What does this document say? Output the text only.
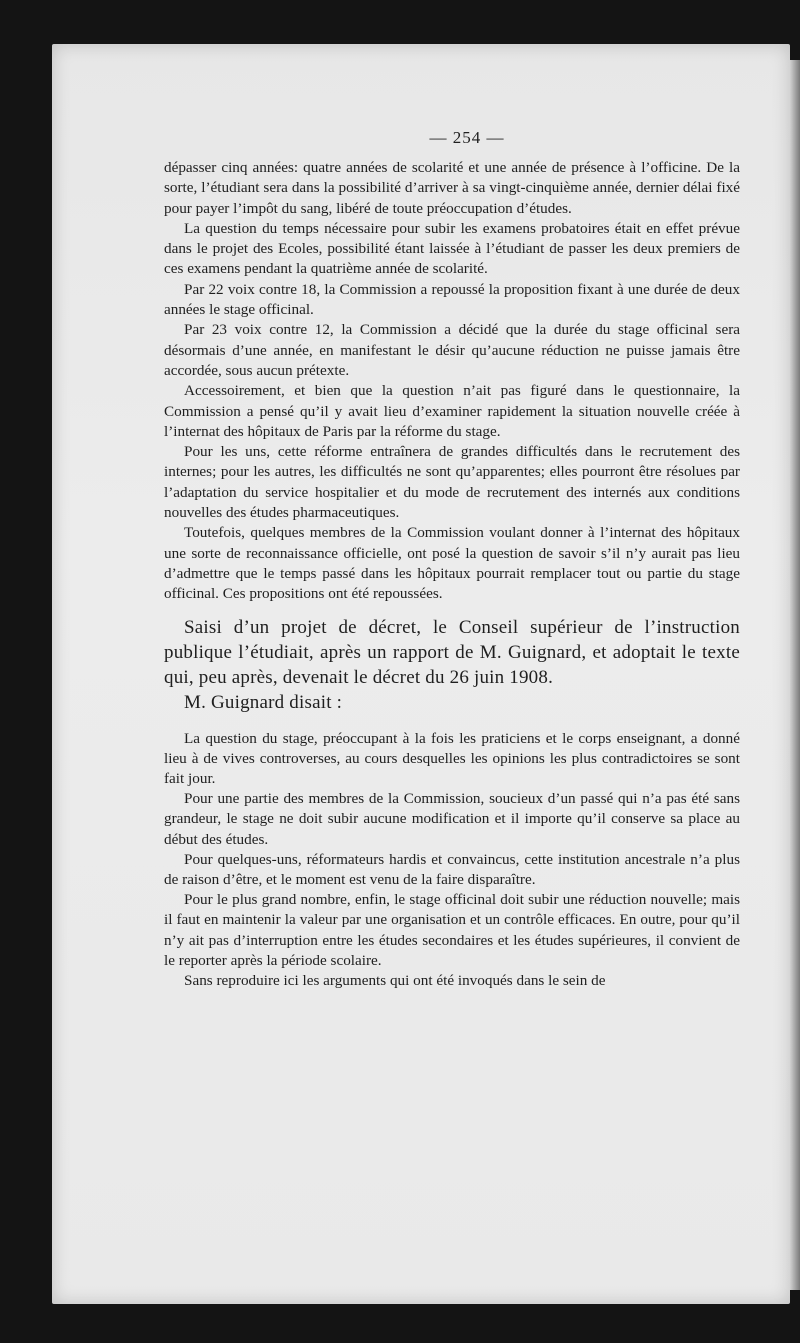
— 254 —

dépasser cinq années: quatre années de scolarité et une année de présence à l’officine. De la sorte, l’étudiant sera dans la possibilité d’arriver à sa vingt-cinquième année, dernier délai fixé pour payer l’impôt du sang, libéré de toute préoccupation d’études.

La question du temps nécessaire pour subir les examens probatoires était en effet prévue dans le projet des Ecoles, possibilité étant laissée à l’étudiant de passer les deux premiers de ces examens pendant la quatrième année de scolarité.

Par 22 voix contre 18, la Commission a repoussé la proposition fixant à une durée de deux années le stage officinal.

Par 23 voix contre 12, la Commission a décidé que la durée du stage officinal sera désormais d’une année, en manifestant le désir qu’aucune réduction ne puisse jamais être accordée, sous aucun prétexte.

Accessoirement, et bien que la question n’ait pas figuré dans le questionnaire, la Commission a pensé qu’il y avait lieu d’examiner rapidement la situation nouvelle créée à l’internat des hôpitaux de Paris par la réforme du stage.

Pour les uns, cette réforme entraînera de grandes difficultés dans le recrutement des internes; pour les autres, les difficultés ne sont qu’apparentes; elles pourront être résolues par l’adaptation du service hospitalier et du mode de recrutement des internés aux conditions nouvelles des études pharmaceutiques.

Toutefois, quelques membres de la Commission voulant donner à l’internat des hôpitaux une sorte de reconnaissance officielle, ont posé la question de savoir s’il n’y aurait pas lieu d’admettre que le temps passé dans les hôpitaux pourrait remplacer tout ou partie du stage officinal. Ces propositions ont été repoussées.

Saisi d’un projet de décret, le Conseil supérieur de l’instruction publique l’étudiait, après un rapport de M. Guignard, et adoptait le texte qui, peu après, devenait le décret du 26 juin 1908.

M. Guignard disait :

La question du stage, préoccupant à la fois les praticiens et le corps enseignant, a donné lieu à de vives controverses, au cours desquelles les opinions les plus contradictoires se sont fait jour.

Pour une partie des membres de la Commission, soucieux d’un passé qui n’a pas été sans grandeur, le stage ne doit subir aucune modification et il importe qu’il conserve sa place au début des études.

Pour quelques-uns, réformateurs hardis et convaincus, cette institution ancestrale n’a plus de raison d’être, et le moment est venu de la faire disparaître.

Pour le plus grand nombre, enfin, le stage officinal doit subir une réduction nouvelle; mais il faut en maintenir la valeur par une organisation et un contrôle efficaces. En outre, pour qu’il n’y ait pas d’interruption entre les études secondaires et les études supérieures, il convient de le reporter après la période scolaire.

Sans reproduire ici les arguments qui ont été invoqués dans le sein de
